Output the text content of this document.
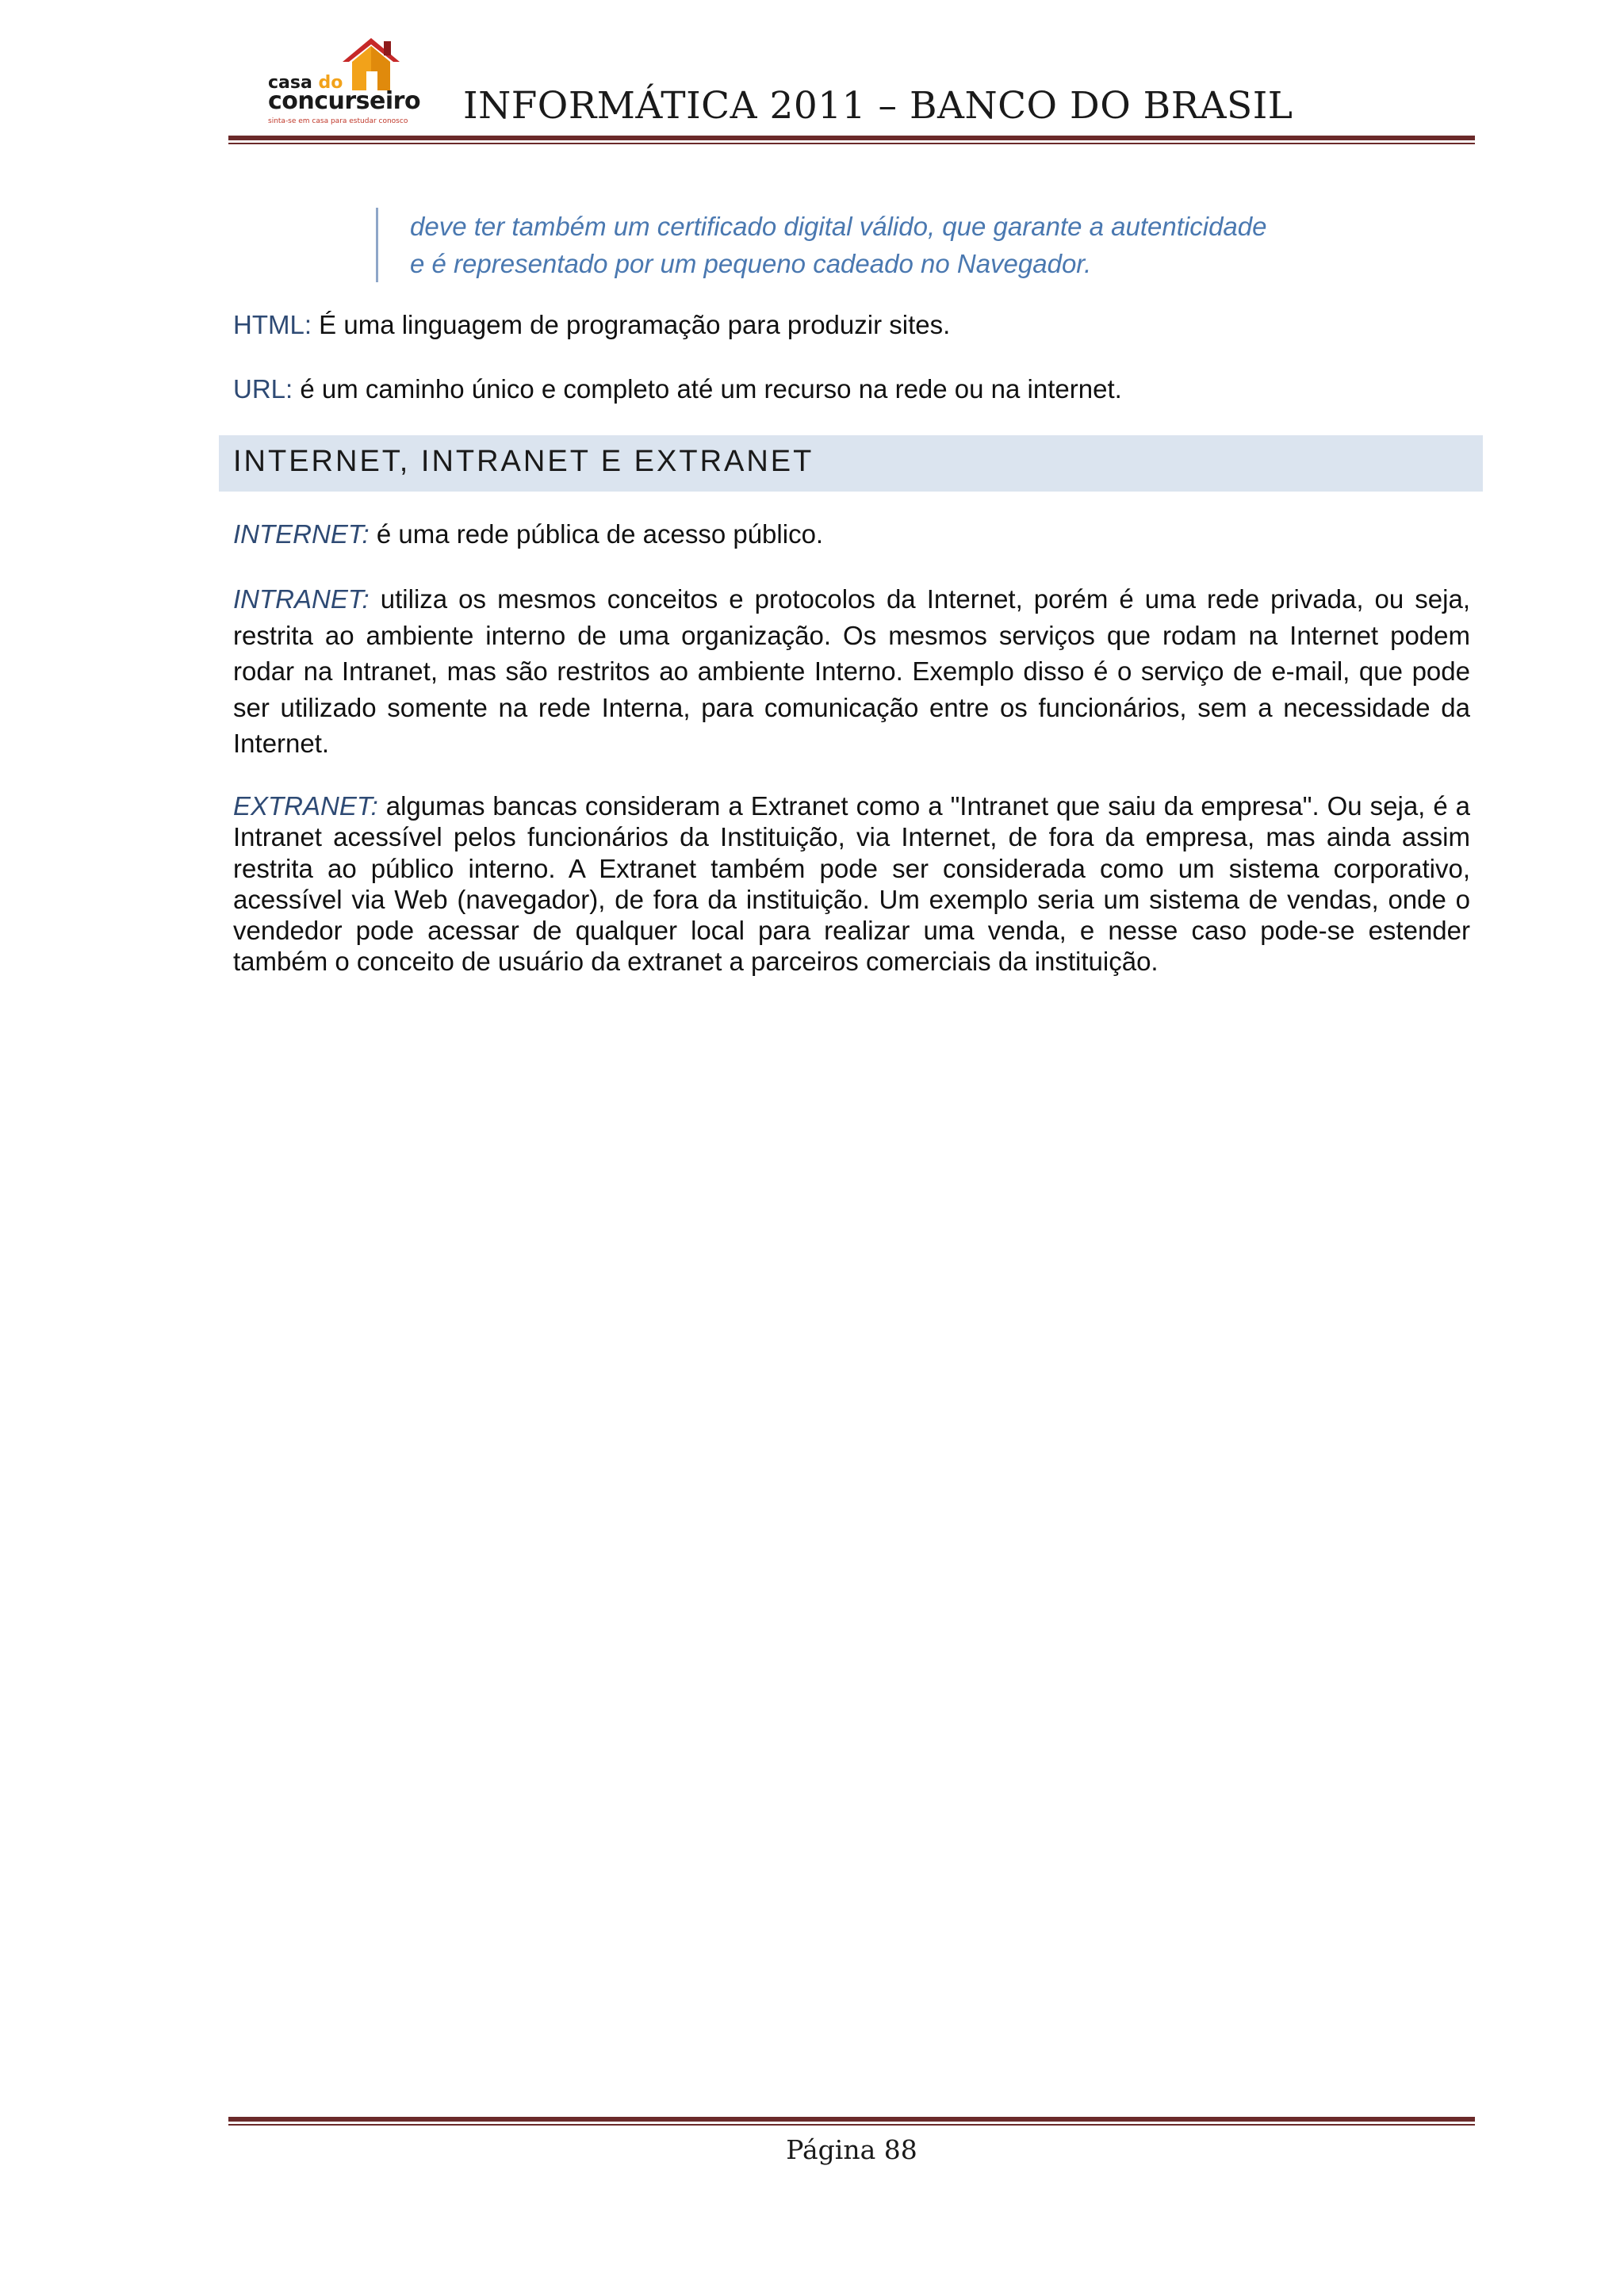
casa do
concurseiro
sinta-se em casa para estudar conosco INFORMÁTICA 2011 – BANCO DO BRASIL
deve ter também um certificado digital válido, que garante a autenticidade
e é representado por um pequeno cadeado no Navegador.
HTML: É uma linguagem de programação para produzir sites.
URL: é um caminho único e completo até um recurso na rede ou na internet.
INTERNET, INTRANET E EXTRANET
INTERNET: é uma rede pública de acesso público.
INTRANET: utiliza os mesmos conceitos e protocolos da Internet, porém é uma rede privada, ou seja, restrita ao ambiente interno de uma organização. Os mesmos serviços que rodam na Internet podem rodar na Intranet, mas são restritos ao ambiente Interno. Exemplo disso é o serviço de e-mail, que pode ser utilizado somente na rede Interna, para comunicação entre os funcionários, sem a necessidade da Internet.
EXTRANET: algumas bancas consideram a Extranet como a "Intranet que saiu da empresa". Ou seja, é a Intranet acessível pelos funcionários da Instituição, via Internet, de fora da empresa, mas ainda assim restrita ao público interno. A Extranet também pode ser considerada como um sistema corporativo, acessível via Web (navegador), de fora da instituição. Um exemplo seria um sistema de vendas, onde o vendedor pode acessar de qualquer local para realizar uma venda, e nesse caso pode-se estender também o conceito de usuário da extranet a parceiros comerciais da instituição.
Página 88
